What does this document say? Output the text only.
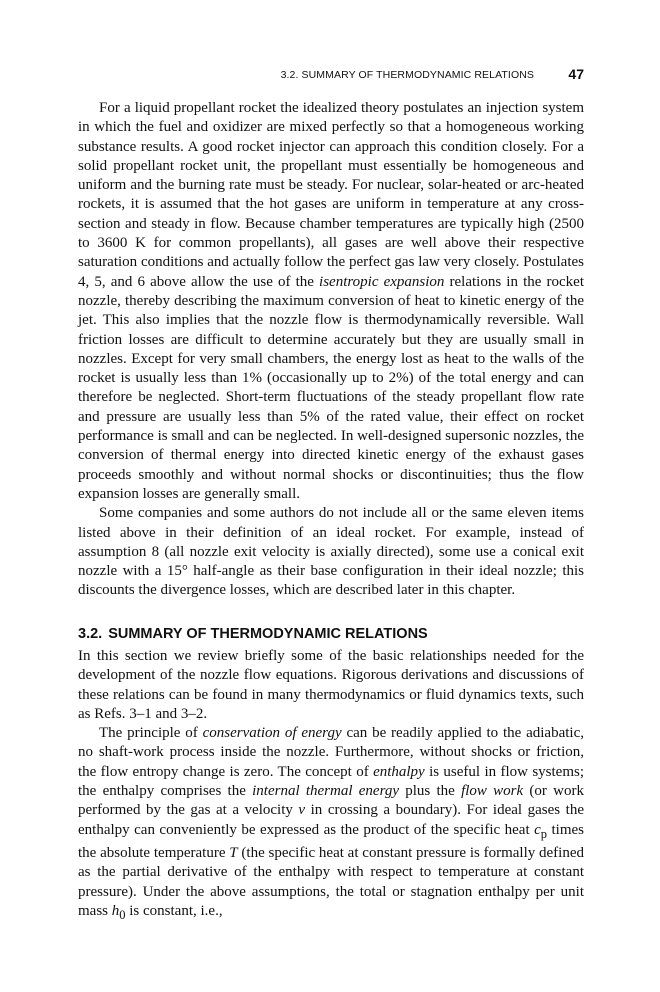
3.2. SUMMARY OF THERMODYNAMIC RELATIONS 47

For a liquid propellant rocket the idealized theory postulates an injection system in which the fuel and oxidizer are mixed perfectly so that a homogeneous working substance results. A good rocket injector can approach this condition closely. For a solid propellant rocket unit, the propellant must essentially be homogeneous and uniform and the burning rate must be steady. For nuclear, solar-heated or arc-heated rockets, it is assumed that the hot gases are uniform in temperature at any cross-section and steady in flow. Because chamber temperatures are typically high (2500 to 3600 K for common propellants), all gases are well above their respective saturation conditions and actually follow the perfect gas law very closely. Postulates 4, 5, and 6 above allow the use of the isentropic expansion relations in the rocket nozzle, thereby describing the maximum conversion of heat to kinetic energy of the jet. This also implies that the nozzle flow is thermodynamically reversible. Wall friction losses are difficult to determine accurately but they are usually small in nozzles. Except for very small chambers, the energy lost as heat to the walls of the rocket is usually less than 1% (occasionally up to 2%) of the total energy and can therefore be neglected. Short-term fluctuations of the steady propellant flow rate and pressure are usually less than 5% of the rated value, their effect on rocket performance is small and can be neglected. In well-designed supersonic nozzles, the conversion of thermal energy into directed kinetic energy of the exhaust gases proceeds smoothly and without normal shocks or discontinuities; thus the flow expansion losses are generally small.

Some companies and some authors do not include all or the same eleven items listed above in their definition of an ideal rocket. For example, instead of assumption 8 (all nozzle exit velocity is axially directed), some use a conical exit nozzle with a 15° half-angle as their base configuration in their ideal nozzle; this discounts the divergence losses, which are described later in this chapter.

3.2. SUMMARY OF THERMODYNAMIC RELATIONS

In this section we review briefly some of the basic relationships needed for the development of the nozzle flow equations. Rigorous derivations and discussions of these relations can be found in many thermodynamics or fluid dynamics texts, such as Refs. 3–1 and 3–2.

The principle of conservation of energy can be readily applied to the adiabatic, no shaft-work process inside the nozzle. Furthermore, without shocks or friction, the flow entropy change is zero. The concept of enthalpy is useful in flow systems; the enthalpy comprises the internal thermal energy plus the flow work (or work performed by the gas at a velocity v in crossing a boundary). For ideal gases the enthalpy can conveniently be expressed as the product of the specific heat $c_p$ times the absolute temperature T (the specific heat at constant pressure is formally defined as the partial derivative of the enthalpy with respect to temperature at constant pressure). Under the above assumptions, the total or stagnation enthalpy per unit mass $h_0$ is constant, i.e.,
